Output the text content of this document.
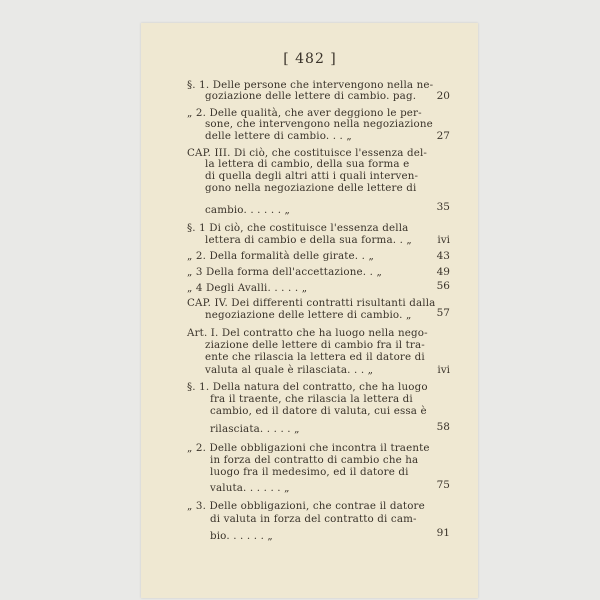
[ 482 ]
§. 1. Delle persone che intervengono nella ne-
goziazione delle lettere di cambio. pag.
„ 2. Delle qualità, che aver deggiono le per-
sone, che intervengono nella negoziazione
delle lettere di cambio. . . „
CAP. III. Di ciò, che costituisce l'essenza del-
la lettera di cambio, della sua forma e
di quella degli altri atti i quali interven-
gono nella negoziazione delle lettere di
cambio. . . . . . „
§. 1 Di ciò, che costituisce l'essenza della
lettera di cambio e della sua forma. . „
„ 2. Della formalità delle girate. . „
„ 3 Della forma dell'accettazione. . „
„ 4 Degli Avalli. . . . . „
CAP. IV. Dei differenti contratti risultanti dalla
negoziazione delle lettere di cambio. „
Art. I. Del contratto che ha luogo nella nego-
ziazione delle lettere di cambio fra il tra-
ente che rilascia la lettera ed il datore di
valuta al quale è rilasciata. . . „
§. 1. Della natura del contratto, che ha luogo
fra il traente, che rilascia la lettera di
cambio, ed il datore di valuta, cui essa è
rilasciata. . . . . „
„ 2. Delle obbligazioni che incontra il traente
in forza del contratto di cambio che ha
luogo fra il medesimo, ed il datore di
valuta. . . . . . „
„ 3. Delle obbligazioni, che contrae il datore
di valuta in forza del contratto di cam-
bio. . . . . . „
20
27
35
ivi
43
49
56
57
ivi
58
75
91
